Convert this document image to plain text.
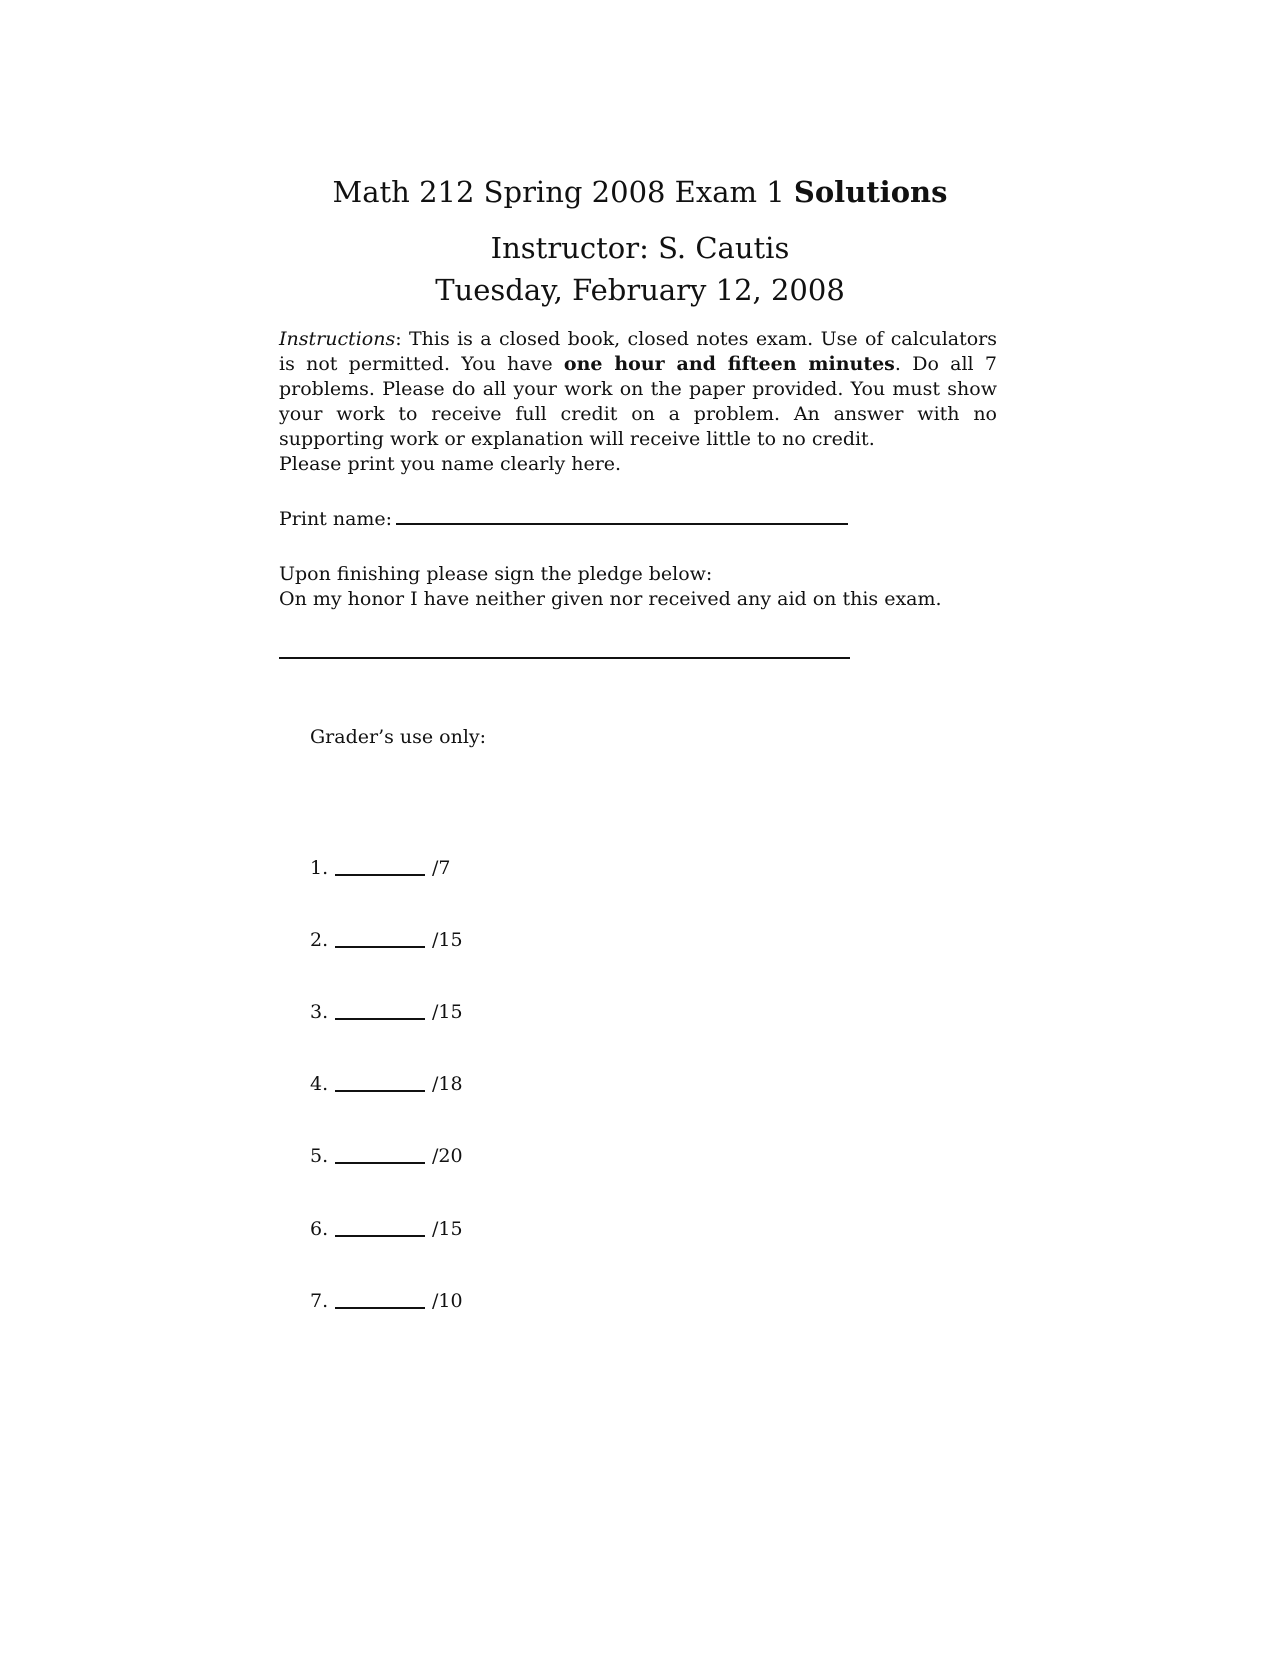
Math 212 Spring 2008 Exam 1 Solutions
Instructor: S. Cautis
Tuesday, February 12, 2008

Instructions: This is a closed book, closed notes exam. Use of calculators is not permitted. You have one hour and fifteen minutes. Do all 7 problems. Please do all your work on the paper provided. You must show your work to receive full credit on a problem. An answer with no supporting work or explanation will receive little to no credit.

Please print you name clearly here.

Print name:
Upon finishing please sign the pledge below:
On my honor I have neither given nor received any aid on this exam.
Grader’s use only:
1.	/7
2.	/15
3.	/15
4.	/18
5.	/20
6.	/15
7.	/10
